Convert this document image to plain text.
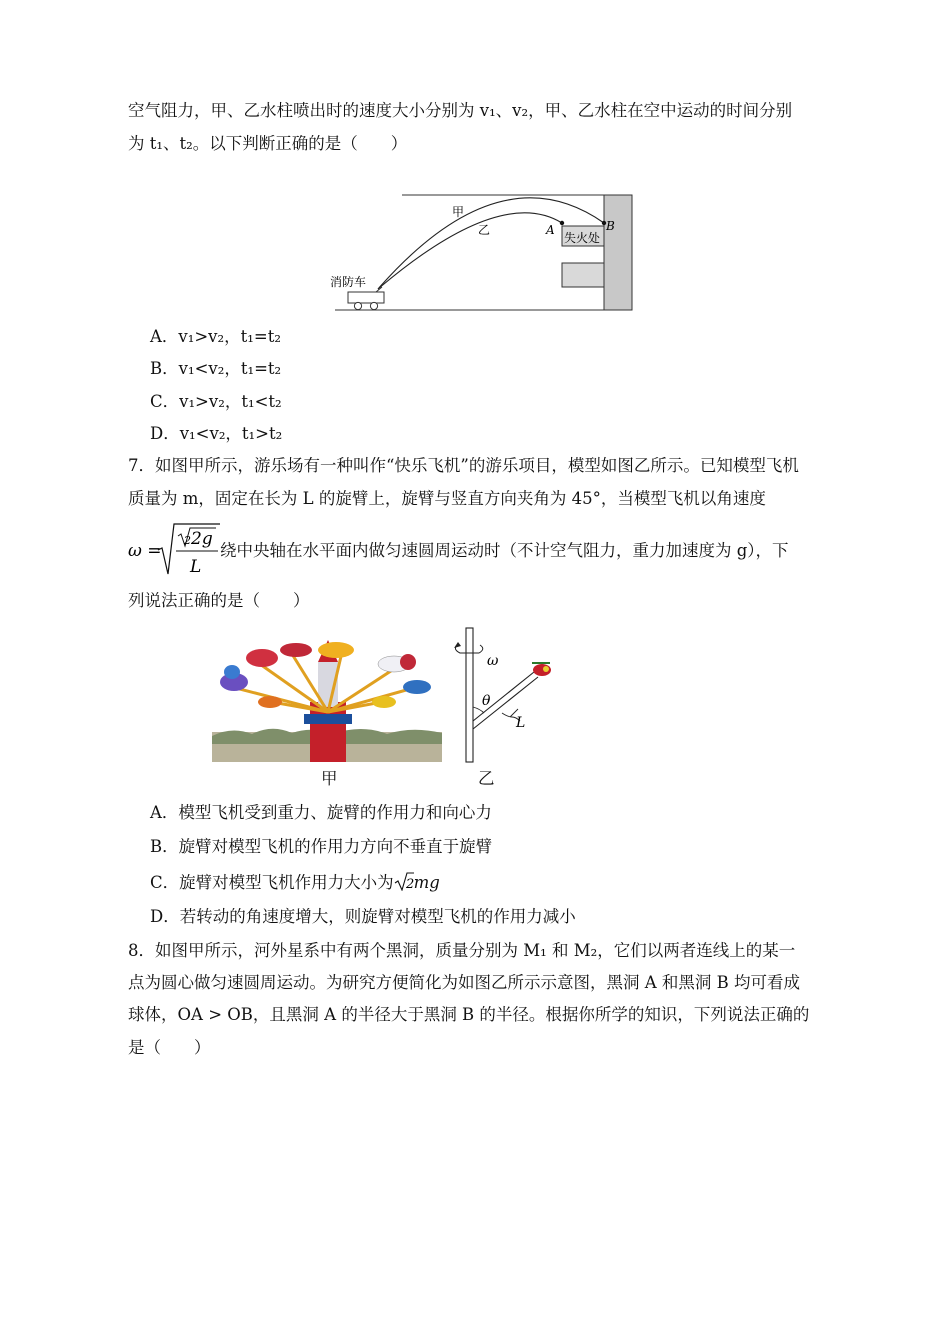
空气阻力，甲、乙水柱喷出时的速度大小分别为 v₁、v₂，甲、乙水柱在空中运动的时间分别
为 t₁、t₂。以下判断正确的是（　　）
甲
乙	A	B
失火处
消防车
A．v₁>v₂，t₁=t₂
B．v₁<v₂，t₁=t₂
C．v₁>v₂，t₁<t₂
D．v₁<v₂，t₁>t₂
7．如图甲所示，游乐场有一种叫作“快乐飞机”的游乐项目，模型如图乙所示。已知模型飞机
质量为 m，固定在长为 L 的旋臂上，旋臂与竖直方向夹角为 45°，当模型飞机以角速度
ω =
2 2g
L
绕中央轴在水平面内做匀速圆周运动时（不计空气阻力，重力加速度为 g），下
列说法正确的是（　　）
ω
θ
L
甲	乙
A．模型飞机受到重力、旋臂的作用力和向心力
B．旋臂对模型飞机的作用力方向不垂直于旋臂
C．旋臂对模型飞机作用力大小为 2 mg
D．若转动的角速度增大，则旋臂对模型飞机的作用力减小
8．如图甲所示，河外星系中有两个黑洞，质量分别为 M₁ 和 M₂，它们以两者连线上的某一
点为圆心做匀速圆周运动。为研究方便简化为如图乙所示示意图，黑洞 A 和黑洞 B 均可看成
球体，OA > OB，且黑洞 A 的半径大于黑洞 B 的半径。根据你所学的知识，下列说法正确的
是（　　）
